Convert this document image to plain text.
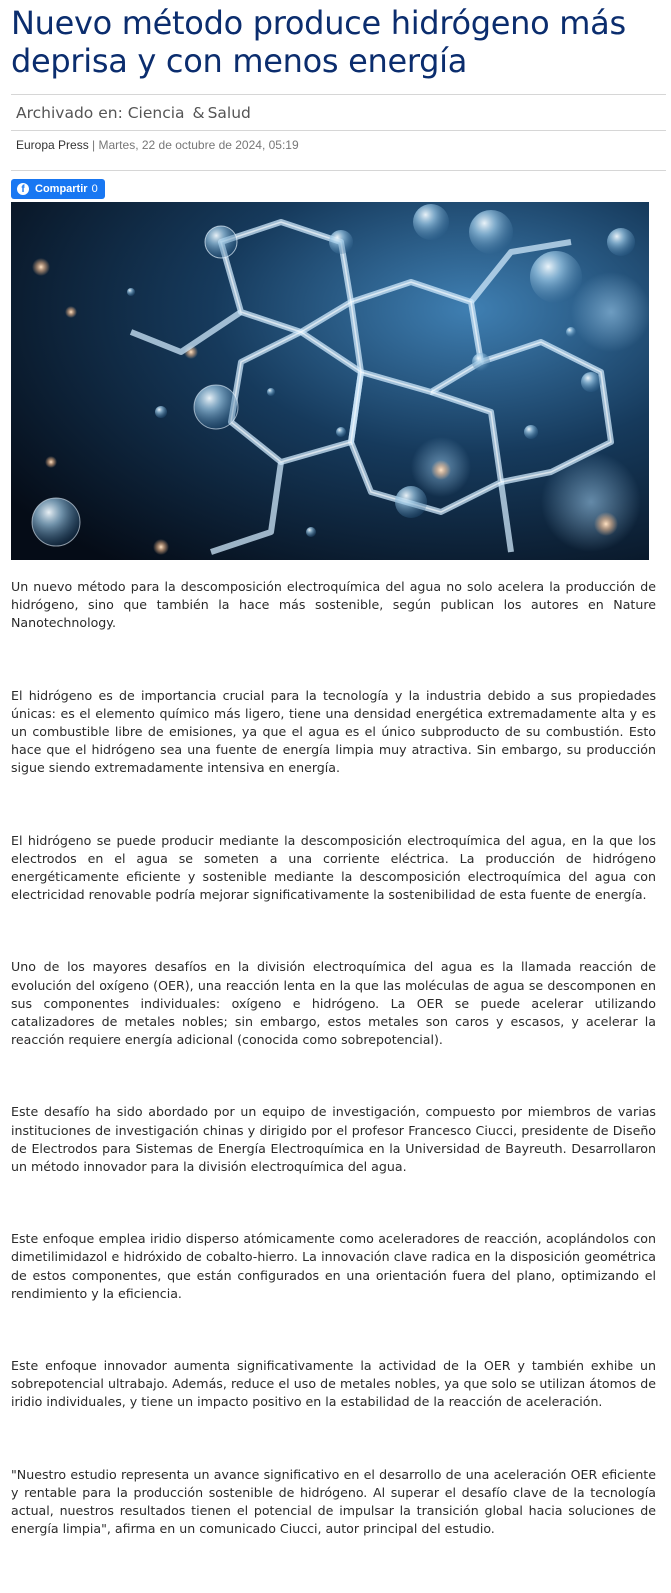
Nuevo método produce hidrógeno más deprisa y con menos energía
Archivado en: Ciencia & Salud
Europa Press | Martes, 22 de octubre de 2024, 05:19
f Compartir 0

Un nuevo método para la descomposición electroquímica del agua no solo acelera la producción de hidrógeno, sino que también la hace más sostenible, según publican los autores en Nature Nanotechnology.

El hidrógeno es de importancia crucial para la tecnología y la industria debido a sus propiedades únicas: es el elemento químico más ligero, tiene una densidad energética extremadamente alta y es un combustible libre de emisiones, ya que el agua es el único subproducto de su combustión. Esto hace que el hidrógeno sea una fuente de energía limpia muy atractiva. Sin embargo, su producción sigue siendo extremadamente intensiva en energía.

El hidrógeno se puede producir mediante la descomposición electroquímica del agua, en la que los electrodos en el agua se someten a una corriente eléctrica. La producción de hidrógeno energéticamente eficiente y sostenible mediante la descomposición electroquímica del agua con electricidad renovable podría mejorar significativamente la sostenibilidad de esta fuente de energía.

Uno de los mayores desafíos en la división electroquímica del agua es la llamada reacción de evolución del oxígeno (OER), una reacción lenta en la que las moléculas de agua se descomponen en sus componentes individuales: oxígeno e hidrógeno. La OER se puede acelerar utilizando catalizadores de metales nobles; sin embargo, estos metales son caros y escasos, y acelerar la reacción requiere energía adicional (conocida como sobrepotencial).

Este desafío ha sido abordado por un equipo de investigación, compuesto por miembros de varias instituciones de investigación chinas y dirigido por el profesor Francesco Ciucci, presidente de Diseño de Electrodos para Sistemas de Energía Electroquímica en la Universidad de Bayreuth. Desarrollaron un método innovador para la división electroquímica del agua.

Este enfoque emplea iridio disperso atómicamente como aceleradores de reacción, acoplándolos con dimetilimidazol e hidróxido de cobalto-hierro. La innovación clave radica en la disposición geométrica de estos componentes, que están configurados en una orientación fuera del plano, optimizando el rendimiento y la eficiencia.

Este enfoque innovador aumenta significativamente la actividad de la OER y también exhibe un sobrepotencial ultrabajo. Además, reduce el uso de metales nobles, ya que solo se utilizan átomos de iridio individuales, y tiene un impacto positivo en la estabilidad de la reacción de aceleración.

"Nuestro estudio representa un avance significativo en el desarrollo de una aceleración OER eficiente y rentable para la producción sostenible de hidrógeno. Al superar el desafío clave de la tecnología actual, nuestros resultados tienen el potencial de impulsar la transición global hacia soluciones de energía limpia", afirma en un comunicado Ciucci, autor principal del estudio.
